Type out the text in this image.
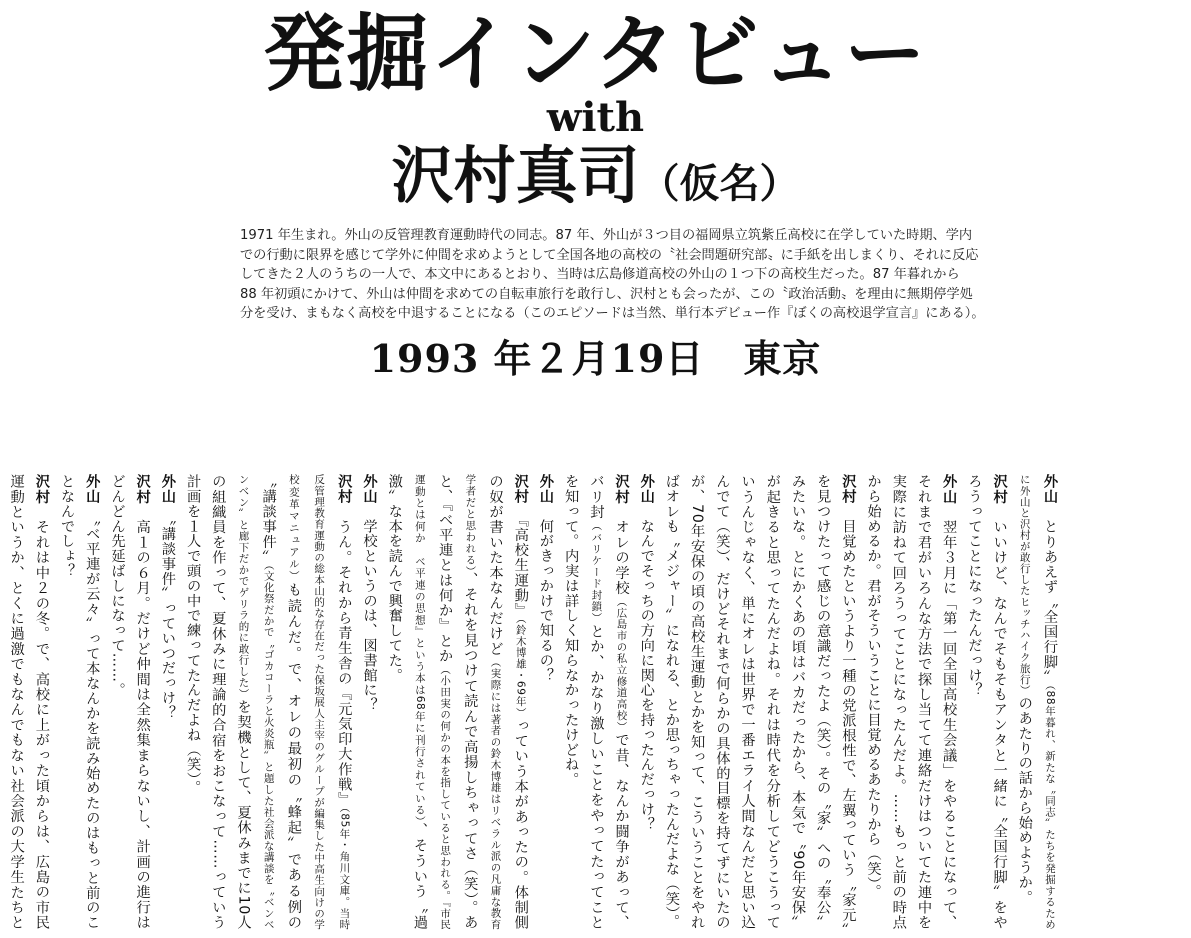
発掘インタビュー
with
沢村真司（仮名）
1971 年生まれ。外山の反管理教育運動時代の同志。87 年、外山が３つ目の福岡県立筑紫丘高校に在学していた時期、学内
での行動に限界を感じて学外に仲間を求めようとして全国各地の高校の〝社会問題研究部〟に手紙を出しまくり、それに反応
してきた２人のうちの一人で、本文中にあるとおり、当時は広島修道高校の外山の１つ下の高校生だった。87 年暮れから
88 年初頭にかけて、外山は仲間を求めての自転車旅行を敢行し、沢村とも会ったが、この〝政治活動〟を理由に無期停学処
分を受け、まもなく高校を中退することになる（このエピソードは当然、単行本デビュー作『ぼくの高校退学宣言』にある）。
1993 年２月19日　東京

外山　とりあえず〝全国行脚〟（88年暮れ、新たな〝同志〟たちを発掘するために外山と沢村が敢行したヒッチハイク旅行）のあたりの話から始めようか。

沢村　いいけど、なんでそもそもアンタと一緒に〝全国行脚〟をやろうってことになったんだっけ？

外山　翌年３月に「第一回全国高校生会議」をやることになって、それまで君がいろんな方法で探し当てて連絡だけはついてた連中を実際に訪ねて回ろうってことになったんだよ。……もっと前の時点から始めるか。君がそういうことに目覚めるあたりから（笑）。

沢村　目覚めたというより一種の党派根性で、左翼っていう〝家元〟を見つけたって感じの意識だったよ（笑）。その〝家〟への〝奉公〟みたいな。とにかくあの頃はバカだったから、本気で〝90年安保〟が起きると思ってたんだよね。それは時代を分析してどうこうっていうんじゃなく、単にオレは世界で一番エライ人間なんだと思い込んでて（笑）、だけどそれまで何らかの具体的目標を持てずにいたのが、70年安保の頃の高校生運動とかを知って、こういうことをやればオレも〝メジャー〟になれる、とか思っちゃったんだよな（笑）。

外山　なんでそっちの方向に関心を持ったんだっけ？

沢村　オレの学校（広島市の私立修道高校）で昔、なんか闘争があって、バリ封（バリケード封鎖）とか、かなり激しいことをやってたってことを知って。内実は詳しく知らなかったけどね。

外山　何がきっかけで知るの？

沢村　『高校生運動』（鈴木博雄・69年）っていう本があったの。体制側の奴が書いた本なんだけど（実際には著者の鈴木博雄はリベラル派の凡庸な教育学者だと思われる）、それを見つけて読んで高揚しちゃってさ（笑）。あと、『ベ平連とは何か』とか（小田実の何かの本を指していると思われる。『市民運動とは何か　ベ平連の思想』という本は68年に刊行されている）、そういう〝過激〟な本を読んで興奮してた。

外山　学校というのは、図書館に？

沢村　うん。それから青生舎の『元気印大作戦』（85年・角川文庫。当時反管理教育運動の総本山的な存在だった保坂展人主宰のグループが編集した中高生向けの学校変革マニュアル）も読んだ。で、オレの最初の〝蜂起〟である例の〝講談事件〟（文化祭だかで〝ゴカコーラと火炎瓶〟と題した社会派な講談を〝ベンベンベン〟と廊下だかでゲリラ的に敢行した）を契機として、夏休みまでに10人の組織員を作って、夏休みに理論的合宿をおこなって……っていう計画を１人で頭の中で練ってたんだよね（笑）。

外山　〝講談事件〟っていつだっけ？

沢村　高１の６月。だけど仲間は全然集まらないし、計画の進行はどんどん先延ばしになって……。

外山　〝ベ平連が云々〟って本なんかを読み始めたのはもっと前のことなんでしょ？

沢村　それは中２の冬。で、高校に上がった頃からは、広島の市民運動というか、とくに過激でもなんでもない社会派の大学生たちと
